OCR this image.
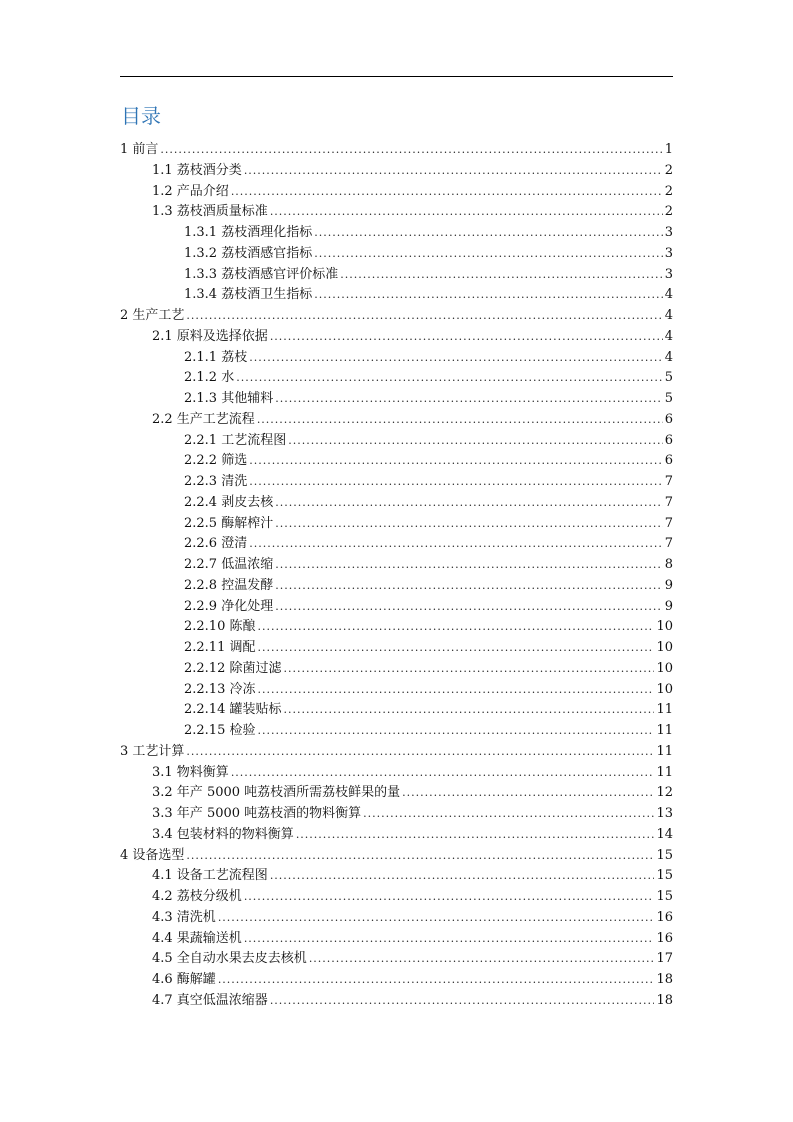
目录
1 前言 .....	1
1.1 荔枝酒分类 .....	2
1.2 产品介绍 .....	2
1.3 荔枝酒质量标准 .....	2
1.3.1 荔枝酒理化指标 .....	3
1.3.2 荔枝酒感官指标 .....	3
1.3.3 荔枝酒感官评价标准 .....	3
1.3.4 荔枝酒卫生指标 .....	4
2 生产工艺 .....	4
2.1 原料及选择依据 .....	4
2.1.1 荔枝 .....	4
2.1.2 水 .....	5
2.1.3 其他辅料 .....	5
2.2 生产工艺流程 .....	6
2.2.1 工艺流程图 .....	6
2.2.2 筛选 .....	6
2.2.3 清洗 .....	7
2.2.4 剥皮去核 .....	7
2.2.5 酶解榨汁 .....	7
2.2.6 澄清 .....	7
2.2.7 低温浓缩 .....	8
2.2.8 控温发酵 .....	9
2.2.9 净化处理 .....	9
2.2.10 陈酿 .....	10
2.2.11 调配 .....	10
2.2.12 除菌过滤 .....	10
2.2.13 冷冻 .....	10
2.2.14 罐装贴标 .....	11
2.2.15 检验 .....	11
3 工艺计算 .....	11
3.1 物料衡算 .....	11
3.2 年产 5000 吨荔枝酒所需荔枝鲜果的量 .....	12
3.3 年产 5000 吨荔枝酒的物料衡算 .....	13
3.4 包装材料的物料衡算 .....	14
4 设备选型 .....	15
4.1 设备工艺流程图 .....	15
4.2 荔枝分级机 .....	15
4.3 清洗机 .....	16
4.4 果蔬输送机 .....	16
4.5 全自动水果去皮去核机 .....	17
4.6 酶解罐 .....	18
4.7 真空低温浓缩器 .....	18
